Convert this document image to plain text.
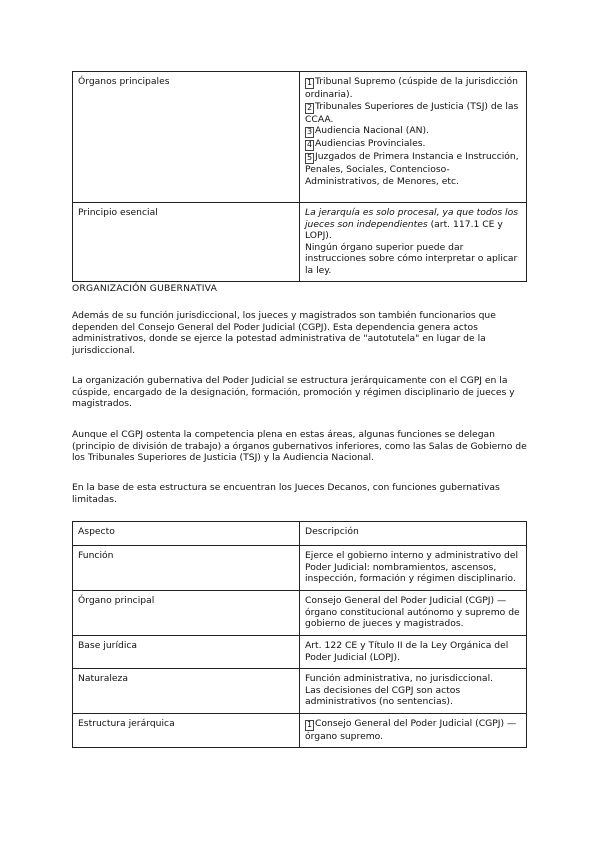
Órganos principales	1 Tribunal Supremo (cúspide de la jurisdicción ordinaria).
2 Tribunales Superiores de Justicia (TSJ) de las CCAA.
3 Audiencia Nacional (AN).
4 Audiencias Provinciales.
5 Juzgados de Primera Instancia e Instrucción, Penales, Sociales, Contencioso-Administrativos, de Menores, etc.

Principio esencial	La jerarquía es solo procesal, ya que todos los jueces son independientes (art. 117.1 CE y LOPJ).
Ningún órgano superior puede dar instrucciones sobre cómo interpretar o aplicar la ley.
ORGANIZACIÓN GUBERNATIVA
Además de su función jurisdiccional, los jueces y magistrados son también funcionarios que dependen del Consejo General del Poder Judicial (CGPJ). Esta dependencia genera actos administrativos, donde se ejerce la potestad administrativa de "autotutela" en lugar de la jurisdiccional.
La organización gubernativa del Poder Judicial se estructura jerárquicamente con el CGPJ en la cúspide, encargado de la designación, formación, promoción y régimen disciplinario de jueces y magistrados.
Aunque el CGPJ ostenta la competencia plena en estas áreas, algunas funciones se delegan (principio de división de trabajo) a órganos gubernativos inferiores, como las Salas de Gobierno de los Tribunales Superiores de Justicia (TSJ) y la Audiencia Nacional.
En la base de esta estructura se encuentran los Jueces Decanos, con funciones gubernativas limitadas.
Aspecto	Descripción
Función	Ejerce el gobierno interno y administrativo del Poder Judicial: nombramientos, ascensos, inspección, formación y régimen disciplinario.
Órgano principal	Consejo General del Poder Judicial (CGPJ) — órgano constitucional autónomo y supremo de gobierno de jueces y magistrados.
Base jurídica	Art. 122 CE y Título II de la Ley Orgánica del Poder Judicial (LOPJ).
Naturaleza	Función administrativa, no jurisdiccional.
Las decisiones del CGPJ son actos administrativos (no sentencias).

Estructura jerárquica	1 Consejo General del Poder Judicial (CGPJ) — órgano supremo.
